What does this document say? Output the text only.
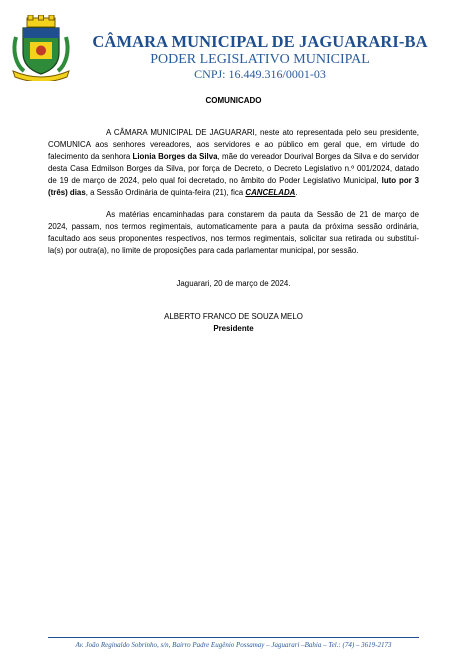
CÂMARA MUNICIPAL DE JAGUARARI-BA
PODER LEGISLATIVO MUNICIPAL
CNPJ: 16.449.316/0001-03
COMUNICADO

A CÂMARA MUNICIPAL DE JAGUARARI, neste ato representada pelo seu presidente, COMUNICA aos senhores vereadores, aos servidores e ao público em geral que, em virtude do falecimento da senhora Lionia Borges da Silva, mãe do vereador Dourival Borges da Silva e do servidor desta Casa Edmilson Borges da Silva, por força de Decreto, o Decreto Legislativo n.º 001/2024, datado de 19 de março de 2024, pelo qual foi decretado, no âmbito do Poder Legislativo Municipal, luto por 3 (três) dias, a Sessão Ordinária de quinta-feira (21), fica CANCELADA.

As matérias encaminhadas para constarem da pauta da Sessão de 21 de março de 2024, passam, nos termos regimentais, automaticamente para a pauta da próxima sessão ordinária, facultado aos seus proponentes respectivos, nos termos regimentais, solicitar sua retirada ou substituí-la(s) por outra(a), no limite de proposições para cada parlamentar municipal, por sessão.

Jaguarari, 20 de março de 2024.
ALBERTO FRANCO DE SOUZA MELO
Presidente
Av. João Reginaldo Sobrinho, s/n, Bairro Padre Eugênio Possamay – Jaguarari –Bahia – Tel.: (74) – 3619-2173
